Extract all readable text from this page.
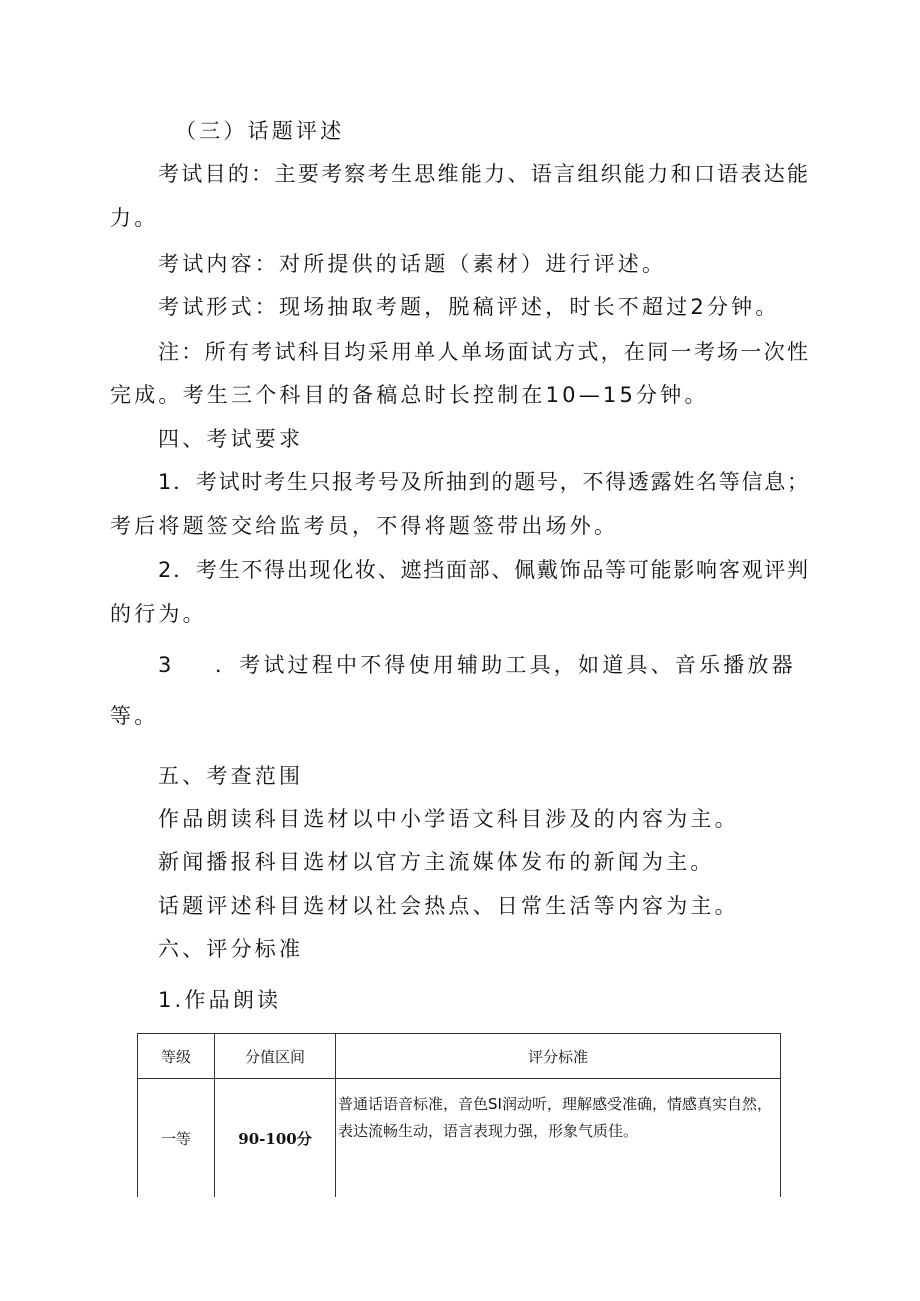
（三）话题评述
考试目的：主要考察考生思维能力、语言组织能力和口语表达能
力。
考试内容：对所提供的话题（素材）进行评述。
考试形式：现场抽取考题，脱稿评述，时长不超过2分钟。
注：所有考试科目均采用单人单场面试方式，在同一考场一次性
完成。考生三个科目的备稿总时长控制在10—15分钟。
四、考试要求
1．考试时考生只报考号及所抽到的题号，不得透露姓名等信息；
考后将题签交给监考员，不得将题签带出场外。
2．考生不得出现化妆、遮挡面部、佩戴饰品等可能影响客观评判
的行为。
3 ．考试过程中不得使用辅助工具，如道具、音乐播放器
等。
五、考查范围
作品朗读科目选材以中小学语文科目涉及的内容为主。
新闻播报科目选材以官方主流媒体发布的新闻为主。
话题评述科目选材以社会热点、日常生活等内容为主。
六、评分标准
1.作品朗读
等级	分值区间	评分标准
一等	90-100分	普通话语音标准，音色SI润动听，理解感受准确，情感真实自然，表达流畅生动，语言表现力强，形象气质佳。
